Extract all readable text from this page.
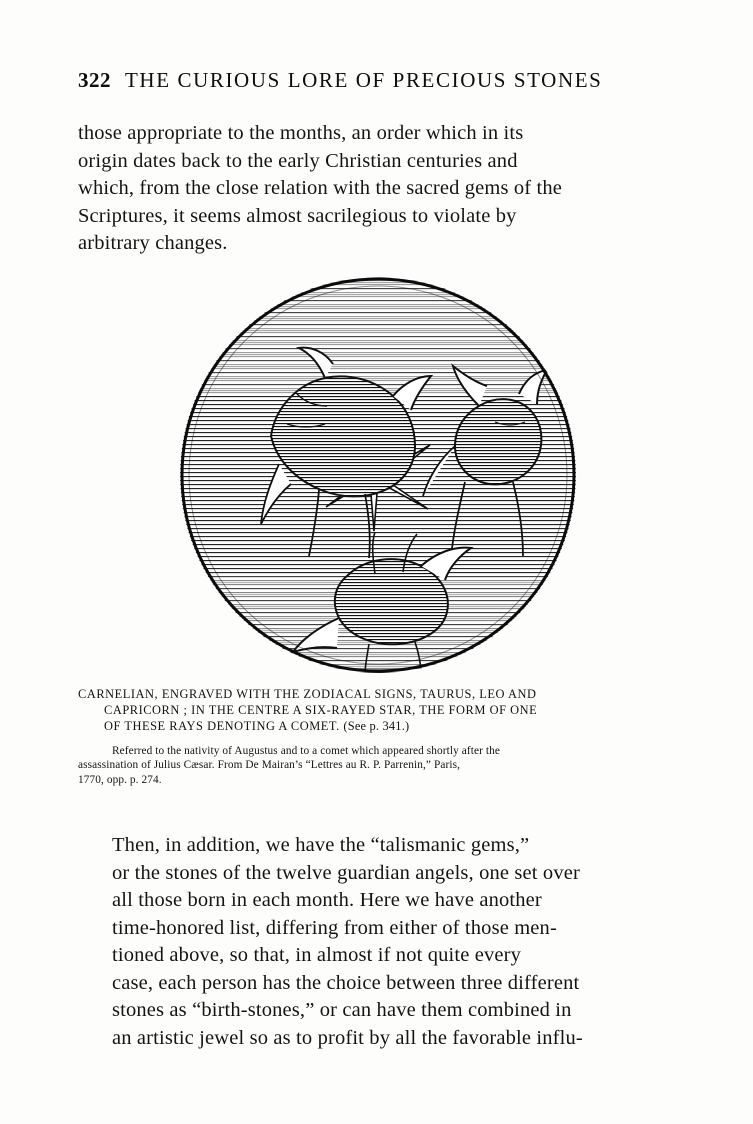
322 THE CURIOUS LORE OF PRECIOUS STONES
those appropriate to the months, an order which in its
origin dates back to the early Christian centuries and
which, from the close relation with the sacred gems of the
Scriptures, it seems almost sacrilegious to violate by
arbitrary changes.
CARNELIAN, ENGRAVED WITH THE ZODIACAL SIGNS, TAURUS, LEO AND
CAPRICORN ; IN THE CENTRE A SIX-RAYED STAR, THE FORM OF ONE
OF THESE RAYS DENOTING A COMET. (See p. 341.)
Referred to the nativity of Augustus and to a comet which appeared shortly after the
assassination of Julius Cæsar. From De Mairan’s “Lettres au R. P. Parrenin,” Paris,
1770, opp. p. 274.
Then, in addition, we have the “talismanic gems,”
or the stones of the twelve guardian angels, one set over
all those born in each month. Here we have another
time-honored list, differing from either of those men-
tioned above, so that, in almost if not quite every
case, each person has the choice between three different
stones as “birth-stones,” or can have them combined in
an artistic jewel so as to profit by all the favorable influ-
